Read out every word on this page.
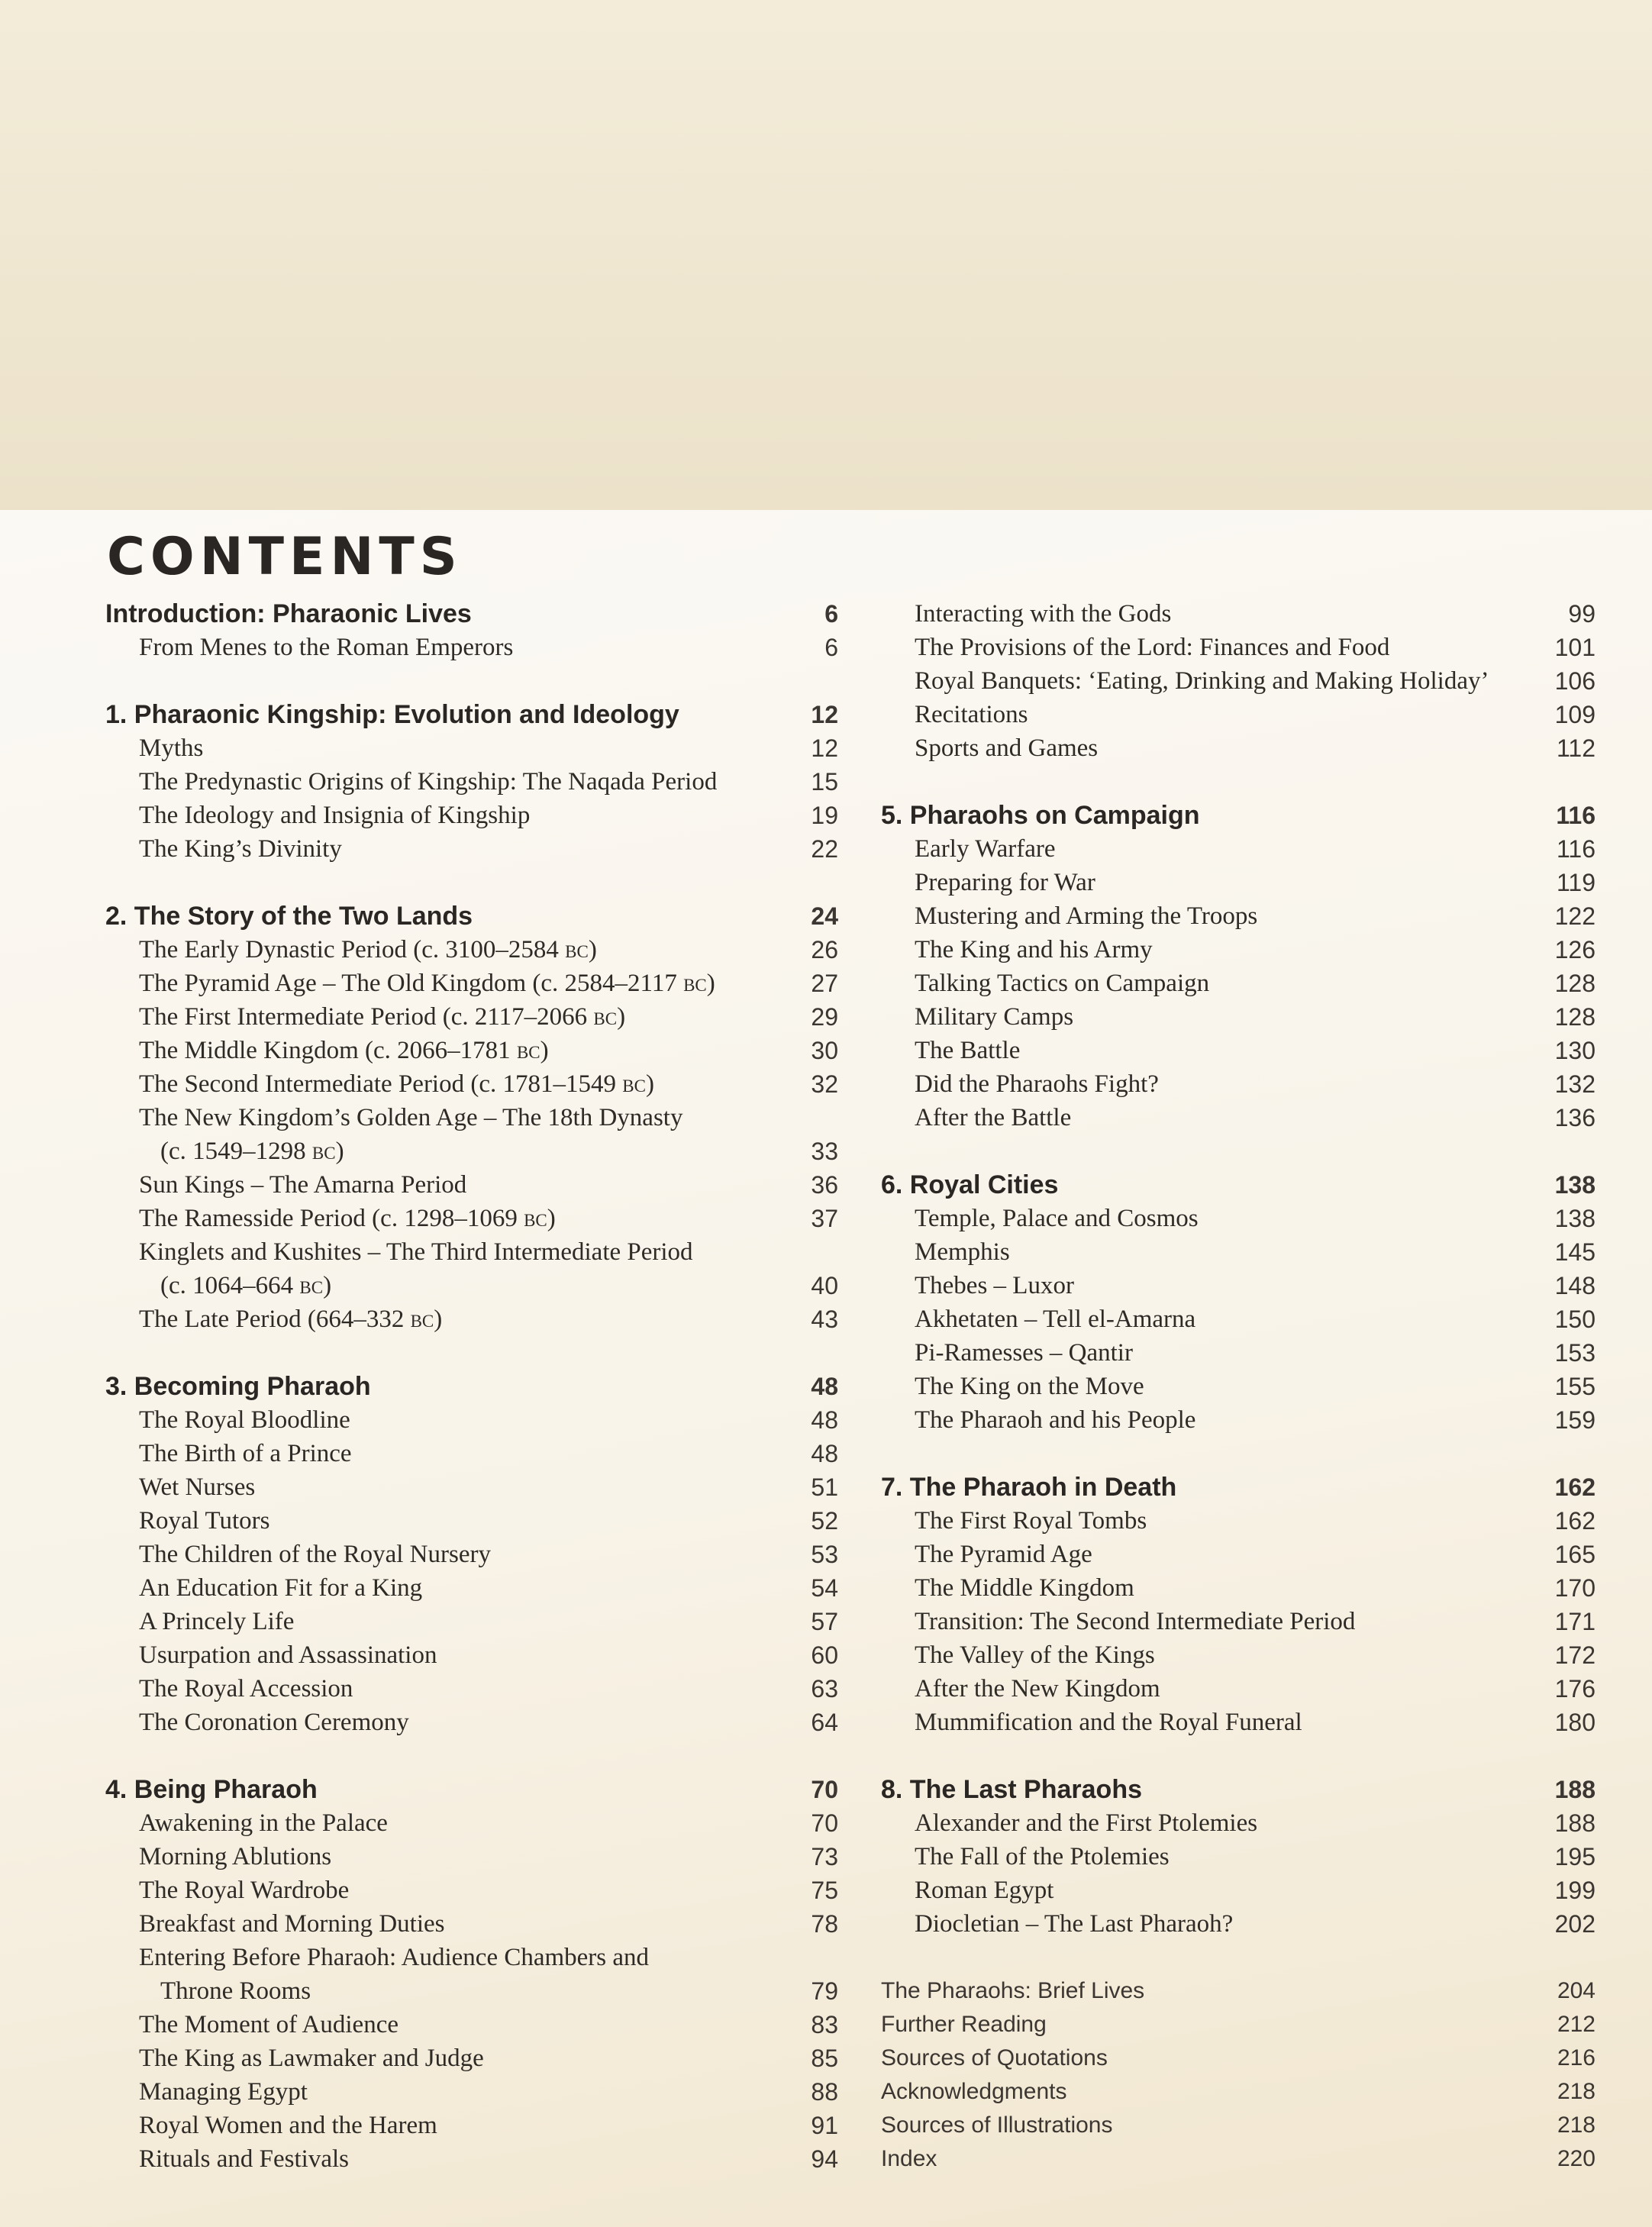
CONTENTS
Introduction: Pharaonic Lives	6
From Menes to the Roman Emperors	6
1. Pharaonic Kingship: Evolution and Ideology	12
Myths	12
The Predynastic Origins of Kingship: The Naqada Period	15
The Ideology and Insignia of Kingship	19
The King’s Divinity	22
2. The Story of the Two Lands	24
The Early Dynastic Period (c. 3100–2584 bc)	26
The Pyramid Age – The Old Kingdom (c. 2584–2117 bc)	27
The First Intermediate Period (c. 2117–2066 bc)	29
The Middle Kingdom (c. 2066–1781 bc)	30
The Second Intermediate Period (c. 1781–1549 bc)	32
The New Kingdom’s Golden Age – The 18th Dynasty
(c. 1549–1298 bc)	33
Sun Kings – The Amarna Period	36
The Ramesside Period (c. 1298–1069 bc)	37
Kinglets and Kushites – The Third Intermediate Period
(c. 1064–664 bc)	40
The Late Period (664–332 bc)	43
3. Becoming Pharaoh	48
The Royal Bloodline	48
The Birth of a Prince	48
Wet Nurses	51
Royal Tutors	52
The Children of the Royal Nursery	53
An Education Fit for a King	54
A Princely Life	57
Usurpation and Assassination	60
The Royal Accession	63
The Coronation Ceremony	64
4. Being Pharaoh	70
Awakening in the Palace	70
Morning Ablutions	73
The Royal Wardrobe	75
Breakfast and Morning Duties	78
Entering Before Pharaoh: Audience Chambers and
Throne Rooms	79
The Moment of Audience	83
The King as Lawmaker and Judge	85
Managing Egypt	88
Royal Women and the Harem	91
Rituals and Festivals	94
Interacting with the Gods	99
The Provisions of the Lord: Finances and Food	101
Royal Banquets: ‘Eating, Drinking and Making Holiday’	106
Recitations	109
Sports and Games	112
5. Pharaohs on Campaign	116
Early Warfare	116
Preparing for War	119
Mustering and Arming the Troops	122
The King and his Army	126
Talking Tactics on Campaign	128
Military Camps	128
The Battle	130
Did the Pharaohs Fight?	132
After the Battle	136
6. Royal Cities	138
Temple, Palace and Cosmos	138
Memphis	145
Thebes – Luxor	148
Akhetaten – Tell el-Amarna	150
Pi-Ramesses – Qantir	153
The King on the Move	155
The Pharaoh and his People	159
7. The Pharaoh in Death	162
The First Royal Tombs	162
The Pyramid Age	165
The Middle Kingdom	170
Transition: The Second Intermediate Period	171
The Valley of the Kings	172
After the New Kingdom	176
Mummification and the Royal Funeral	180
8. The Last Pharaohs	188
Alexander and the First Ptolemies	188
The Fall of the Ptolemies	195
Roman Egypt	199
Diocletian – The Last Pharaoh?	202
The Pharaohs: Brief Lives	204
Further Reading	212
Sources of Quotations	216
Acknowledgments	218
Sources of Illustrations	218
Index	220
